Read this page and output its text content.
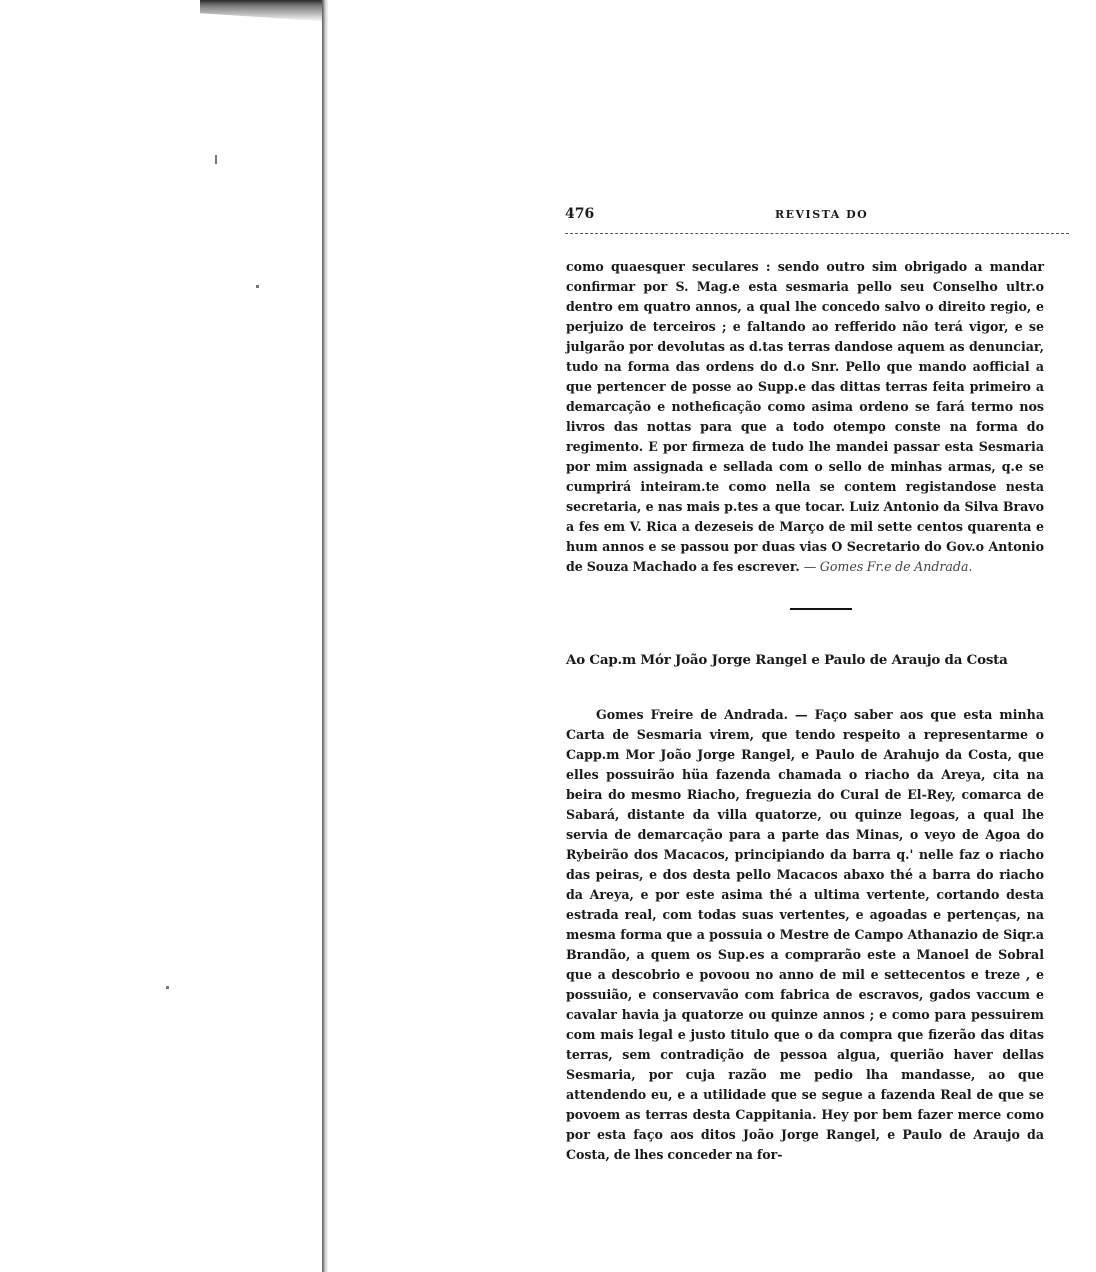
476	REVISTA DO
como quaesquer seculares : sendo outro sim obrigado a mandar confirmar por S. Mag.e esta sesmaria pello seu Conselho ultr.o dentro em quatro annos, a qual lhe concedo salvo o direito regio, e perjuizo de terceiros ; e faltando ao refferido não terá vigor, e se julgarão por devolutas as d.tas terras dandose aquem as denunciar, tudo na forma das ordens do d.o Snr. Pello que mando aofficial a que pertencer de posse ao Supp.e das dittas terras feita primeiro a demarcação e notheficação como asima ordeno se fará termo nos livros das nottas para que a todo otempo conste na forma do regimento. E por firmeza de tudo lhe mandei passar esta Sesmaria por mim assignada e sellada com o sello de minhas armas, q.e se cumprirá inteiram.te como nella se contem registandose nesta secretaria, e nas mais p.tes a que tocar. Luiz Antonio da Silva Bravo a fes em V. Rica a dezeseis de Março de mil sette centos quarenta e hum annos e se passou por duas vias O Secretario do Gov.o Antonio de Souza Machado a fes escrever. — Gomes Fr.e de Andrada.
Ao Cap.m Mór João Jorge Rangel e Paulo de Araujo da Costa
Gomes Freire de Andrada. — Faço saber aos que esta minha Carta de Sesmaria virem, que tendo respeito a representarme o Capp.m Mor João Jorge Rangel, e Paulo de Arahujo da Costa, que elles possuirão hüa fazenda chamada o riacho da Areya, cita na beira do mesmo Riacho, freguezia do Cural de El-Rey, comarca de Sabará, distante da villa quatorze, ou quinze legoas, a qual lhe servia de demarcação para a parte das Minas, o veyo de Agoa do Rybeirão dos Macacos, principiando da barra q.' nelle faz o riacho das peiras, e dos desta pello Macacos abaxo thé a barra do riacho da Areya, e por este asima thé a ultima vertente, cortando desta estrada real, com todas suas vertentes, e agoadas e pertenças, na mesma forma que a possuia o Mestre de Campo Athanazio de Siqr.a Brandão, a quem os Sup.es a comprarão este a Manoel de Sobral que a descobrio e povoou no anno de mil e settecentos e treze , e possuião, e conservavão com fabrica de escravos, gados vaccum e cavalar havia ja quatorze ou quinze annos ; e como para pessuirem com mais legal e justo titulo que o da compra que fizerão das ditas terras, sem contradição de pessoa algua, querião haver dellas Sesmaria, por cuja razão me pedio lha mandasse, ao que attendendo eu, e a utilidade que se segue a fazenda Real de que se povoem as terras desta Cappitania. Hey por bem fazer merce como por esta faço aos ditos João Jorge Rangel, e Paulo de Araujo da Costa, de lhes conceder na for-
